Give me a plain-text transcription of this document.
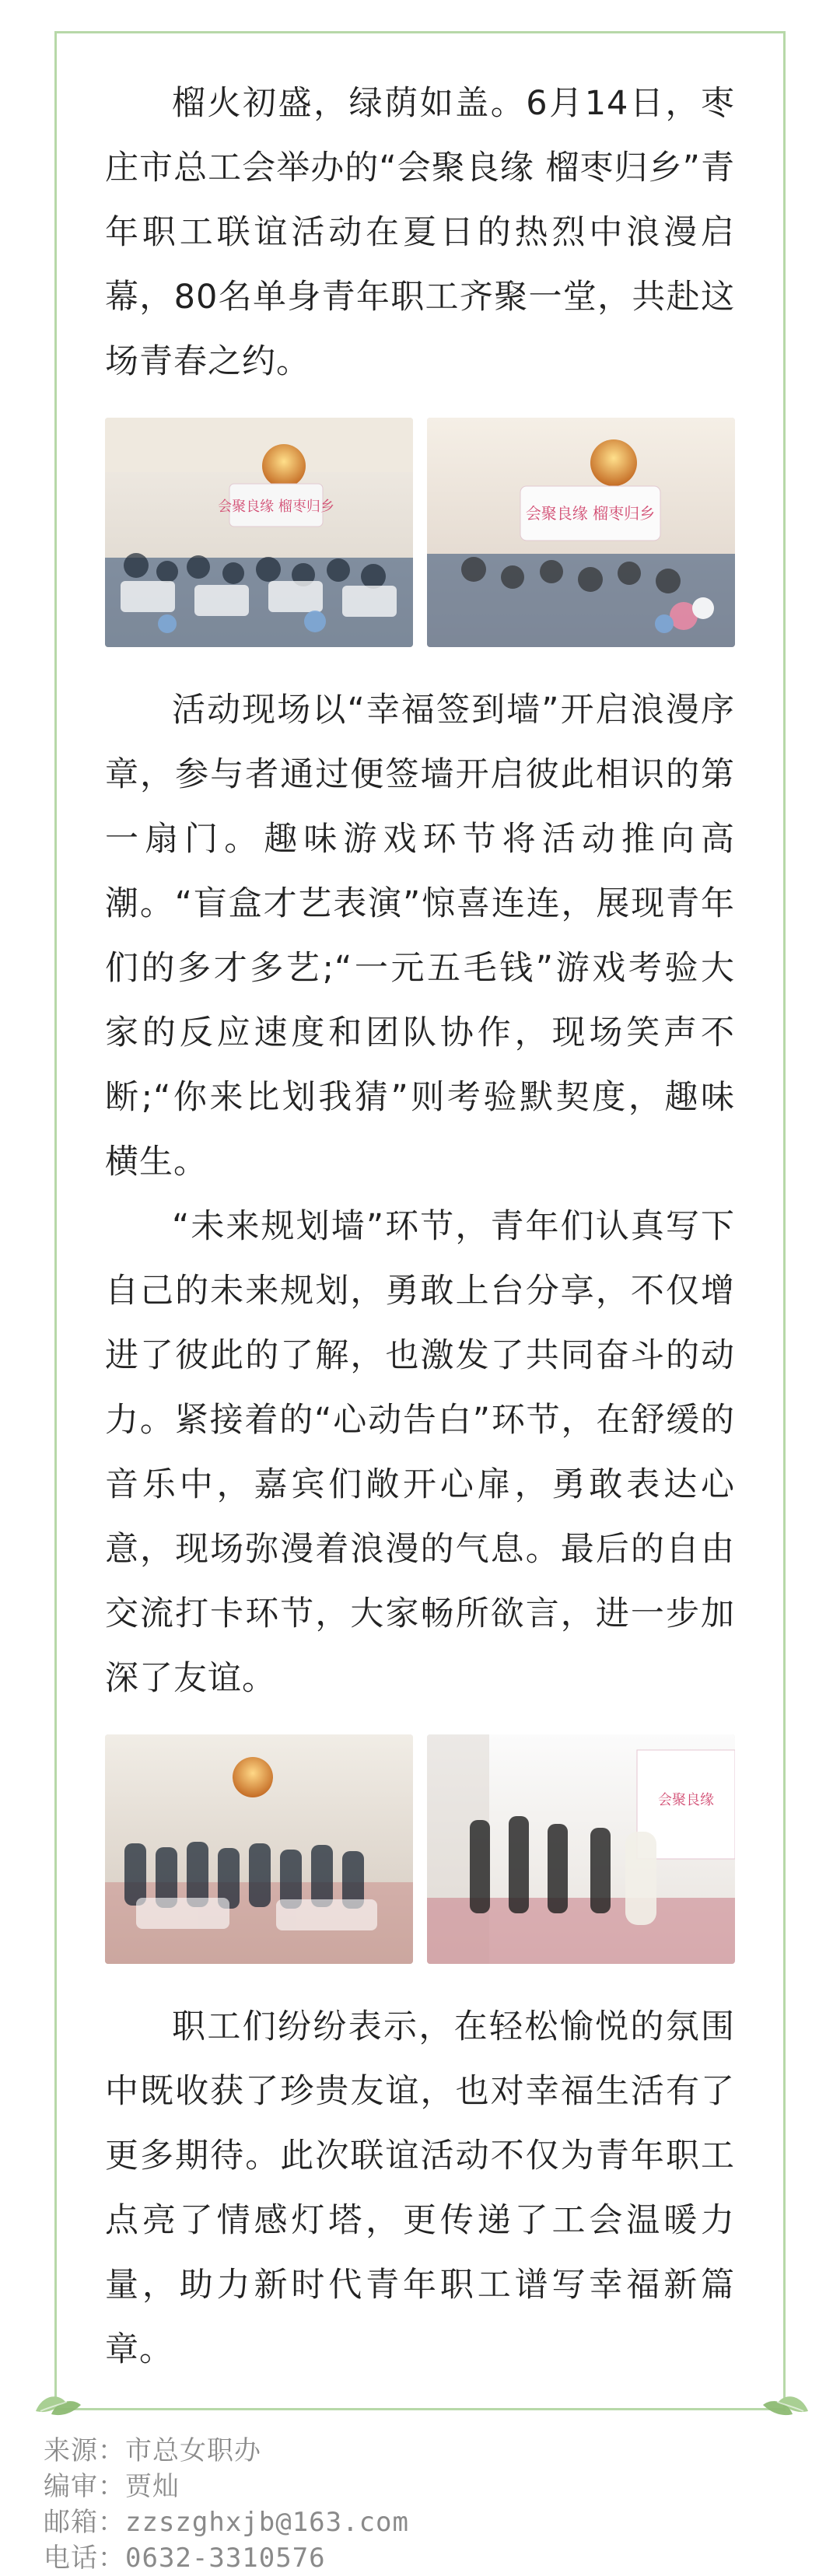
榴火初盛，绿荫如盖。6月14日，枣庄市总工会举办的“会聚良缘 榴枣归乡”青年职工联谊活动在夏日的热烈中浪漫启幕，80名单身青年职工齐聚一堂，共赴这场青春之约。

会聚良缘 榴枣归乡	会聚良缘 榴枣归乡

活动现场以“幸福签到墙”开启浪漫序章，参与者通过便签墙开启彼此相识的第一扇门。趣味游戏环节将活动推向高潮。“盲盒才艺表演”惊喜连连，展现青年们的多才多艺;“一元五毛钱”游戏考验大家的反应速度和团队协作，现场笑声不断;“你来比划我猜”则考验默契度，趣味横生。

“未来规划墙”环节，青年们认真写下自己的未来规划，勇敢上台分享，不仅增进了彼此的了解，也激发了共同奋斗的动力。紧接着的“心动告白”环节，在舒缓的音乐中，嘉宾们敞开心扉，勇敢表达心意，现场弥漫着浪漫的气息。最后的自由交流打卡环节，大家畅所欲言，进一步加深了友谊。

会聚良缘

职工们纷纷表示，在轻松愉悦的氛围中既收获了珍贵友谊，也对幸福生活有了更多期待。此次联谊活动不仅为青年职工点亮了情感灯塔，更传递了工会温暖力量，助力新时代青年职工谱写幸福新篇章。

来源：市总女职办
编审：贾灿
邮箱：zzszghxjb@163.com
电话：0632-3310576
